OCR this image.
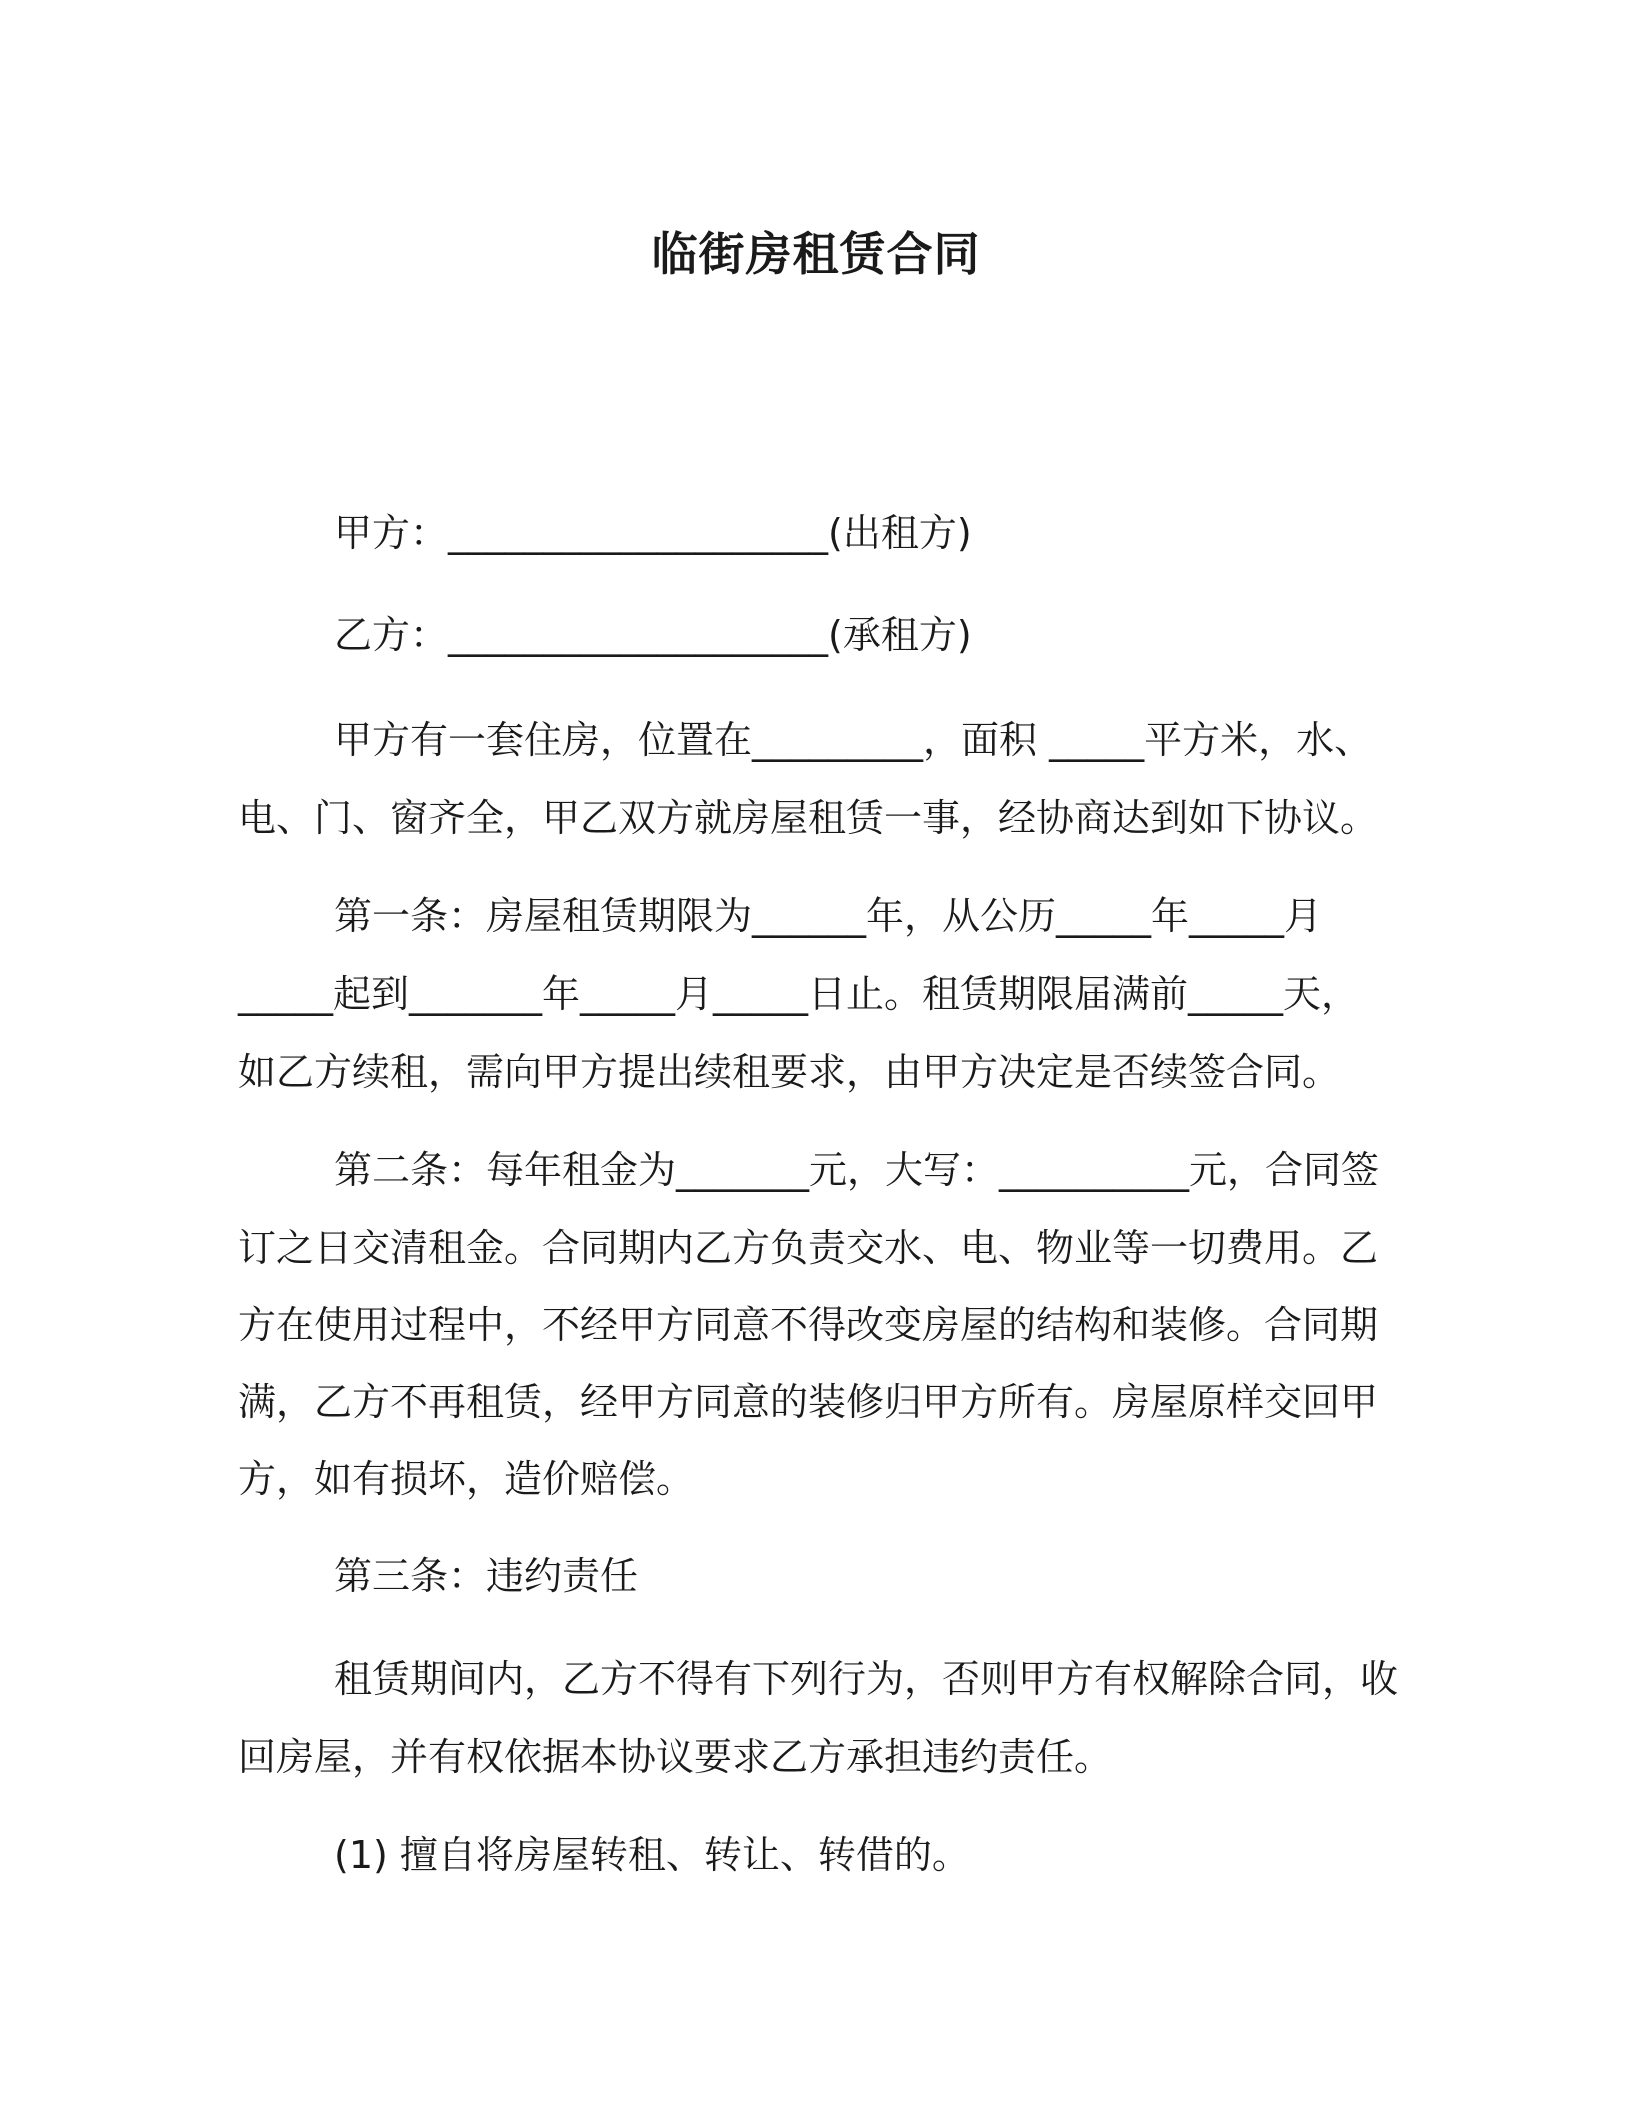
临街房租赁合同
甲方：____________________(出租方)
乙方：____________________(承租方)
甲方有一套住房，位置在_________，面积 _____平方米，水、
电、门、窗齐全，甲乙双方就房屋租赁一事，经协商达到如下协议。
第一条：房屋租赁期限为______年，从公历_____年_____月
_____起到_______年_____月_____日止。租赁期限届满前_____天，
如乙方续租，需向甲方提出续租要求，由甲方决定是否续签合同。
第二条：每年租金为_______元，大写：__________元，合同签
订之日交清租金。合同期内乙方负责交水、电、物业等一切费用。乙
方在使用过程中，不经甲方同意不得改变房屋的结构和装修。合同期
满，乙方不再租赁，经甲方同意的装修归甲方所有。房屋原样交回甲
方，如有损坏，造价赔偿。
第三条：违约责任
租赁期间内，乙方不得有下列行为，否则甲方有权解除合同，收
回房屋，并有权依据本协议要求乙方承担违约责任。
(1) 擅自将房屋转租、转让、转借的。
